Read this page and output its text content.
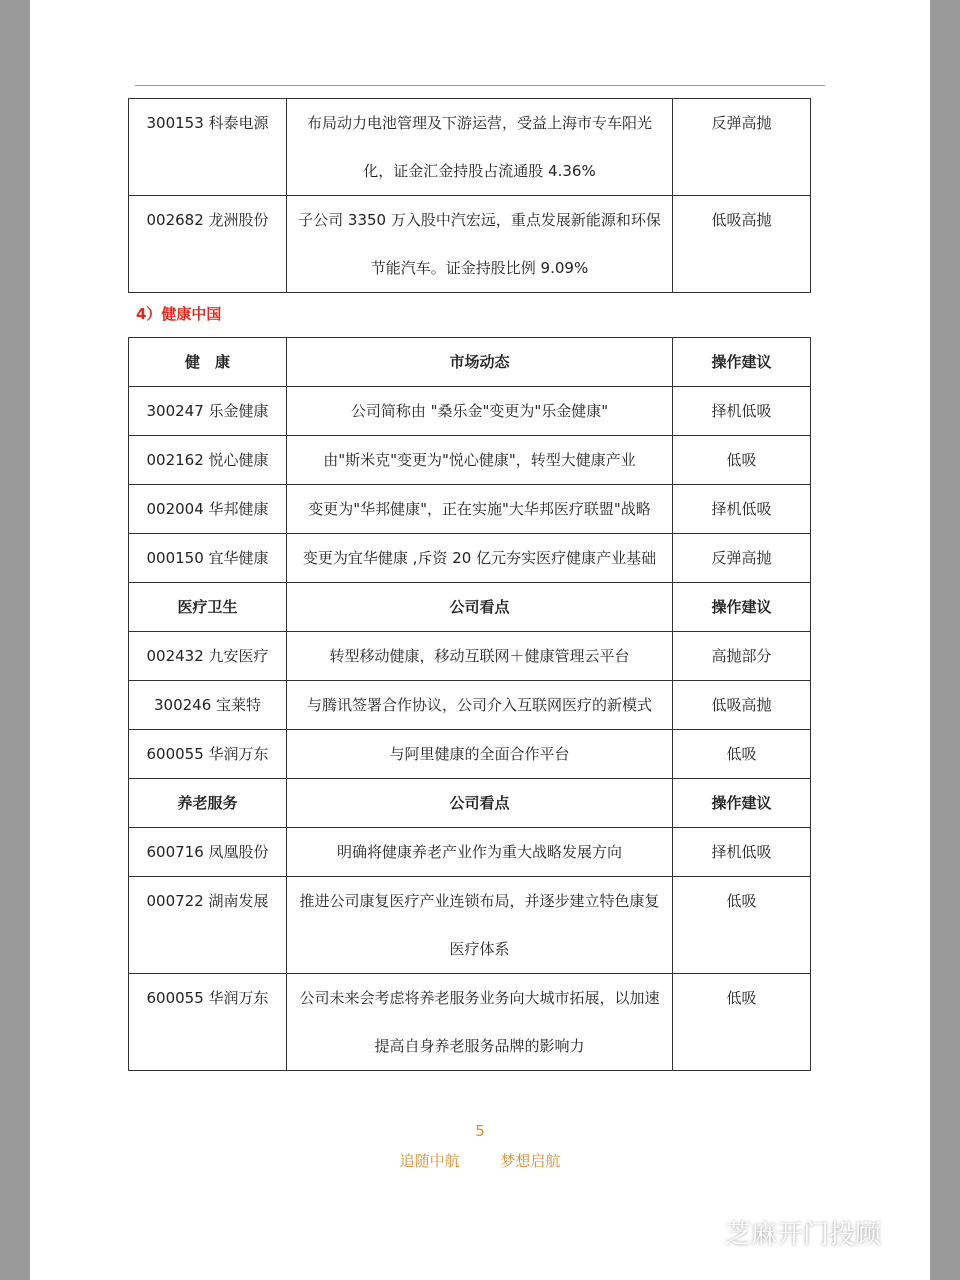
300153 科泰电源	布局动力电池管理及下游运营，受益上海市专车阳光化，证金汇金持股占流通股 4.36%	反弹高抛
002682 龙洲股份	子公司 3350 万入股中汽宏远，重点发展新能源和环保节能汽车。证金持股比例 9.09%	低吸高抛
4）健康中国
健　康	市场动态	操作建议
300247 乐金健康	公司简称由 "桑乐金"变更为"乐金健康"	择机低吸
002162 悦心健康	由"斯米克"变更为"悦心健康"，转型大健康产业	低吸
002004 华邦健康	变更为"华邦健康"，正在实施"大华邦医疗联盟"战略	择机低吸
000150 宜华健康	变更为宜华健康 ,斥资 20 亿元夯实医疗健康产业基础	反弹高抛
医疗卫生	公司看点	操作建议
002432 九安医疗	转型移动健康，移动互联网＋健康管理云平台	高抛部分
300246 宝莱特	与腾讯签署合作协议，公司介入互联网医疗的新模式	低吸高抛
600055 华润万东	与阿里健康的全面合作平台	低吸
养老服务	公司看点	操作建议
600716 凤凰股份	明确将健康养老产业作为重大战略发展方向	择机低吸
000722 湖南发展	推进公司康复医疗产业连锁布局，并逐步建立特色康复医疗体系	低吸
600055 华润万东	公司未来会考虑将养老服务业务向大城市拓展，以加速提高自身养老服务品牌的影响力	低吸
5
追随中航	梦想启航
芝麻开门投顾
